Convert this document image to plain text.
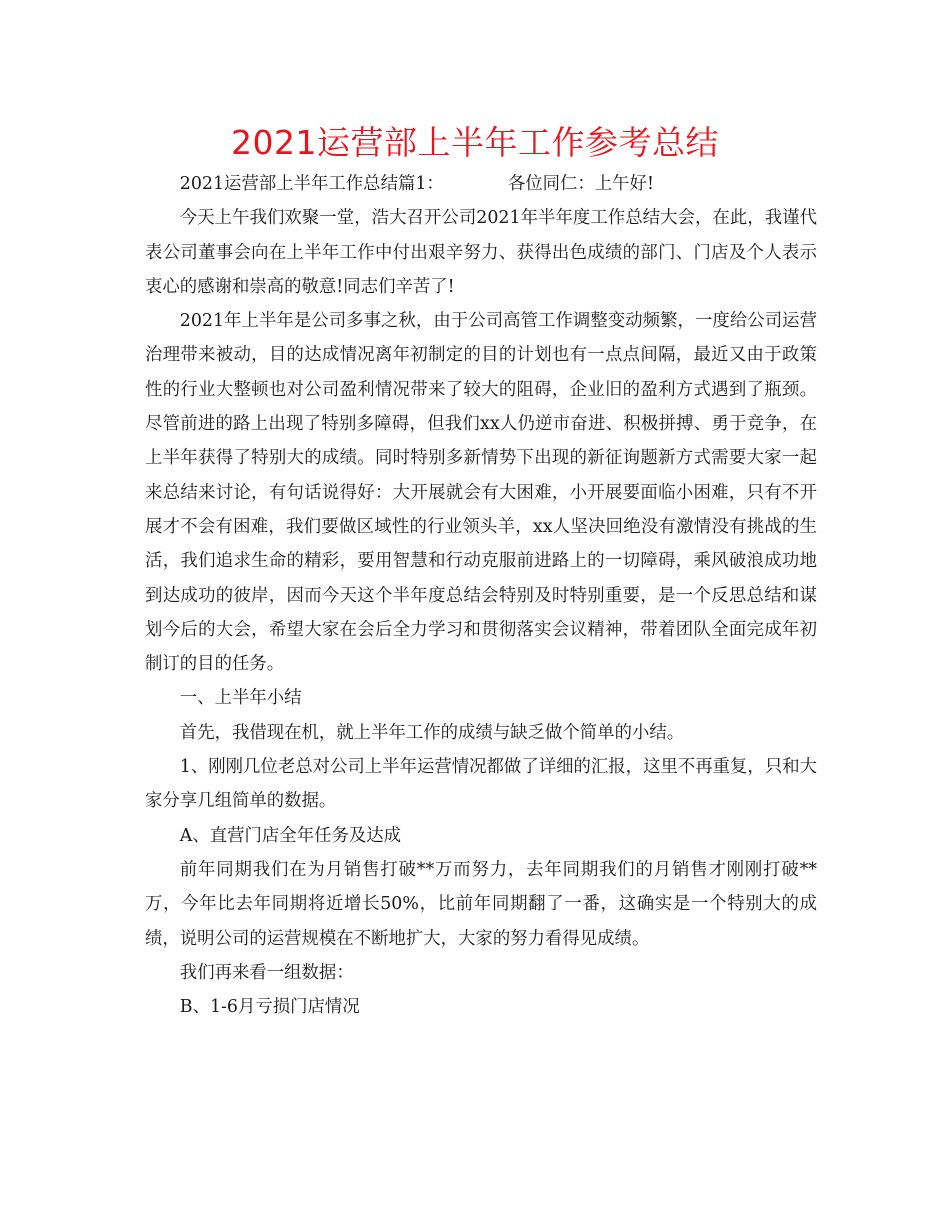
2021运营部上半年工作参考总结

2021运营部上半年工作总结篇1：	各位同仁：上午好!

今天上午我们欢聚一堂，浩大召开公司2021年半年度工作总结大会，在此，我谨代表公司董事会向在上半年工作中付出艰辛努力、获得出色成绩的部门、门店及个人表示衷心的感谢和崇高的敬意!同志们辛苦了!

2021年上半年是公司多事之秋，由于公司高管工作调整变动频繁，一度给公司运营治理带来被动，目的达成情况离年初制定的目的计划也有一点点间隔，最近又由于政策性的行业大整顿也对公司盈利情况带来了较大的阻碍，企业旧的盈利方式遇到了瓶颈。尽管前进的路上出现了特别多障碍，但我们xx人仍逆市奋进、积极拼搏、勇于竞争，在上半年获得了特别大的成绩。同时特别多新情势下出现的新征询题新方式需要大家一起来总结来讨论，有句话说得好：大开展就会有大困难，小开展要面临小困难，只有不开展才不会有困难，我们要做区域性的行业领头羊，xx人坚决回绝没有激情没有挑战的生活，我们追求生命的精彩，要用智慧和行动克服前进路上的一切障碍，乘风破浪成功地到达成功的彼岸，因而今天这个半年度总结会特别及时特别重要，是一个反思总结和谋划今后的大会，希望大家在会后全力学习和贯彻落实会议精神，带着团队全面完成年初制订的目的任务。

一、上半年小结

首先，我借现在机，就上半年工作的成绩与缺乏做个简单的小结。

1、刚刚几位老总对公司上半年运营情况都做了详细的汇报，这里不再重复，只和大家分享几组简单的数据。

A、直营门店全年任务及达成

前年同期我们在为月销售打破**万而努力，去年同期我们的月销售才刚刚打破**万，今年比去年同期将近增长50%，比前年同期翻了一番，这确实是一个特别大的成绩，说明公司的运营规模在不断地扩大，大家的努力看得见成绩。

我们再来看一组数据：

B、1-6月亏损门店情况
